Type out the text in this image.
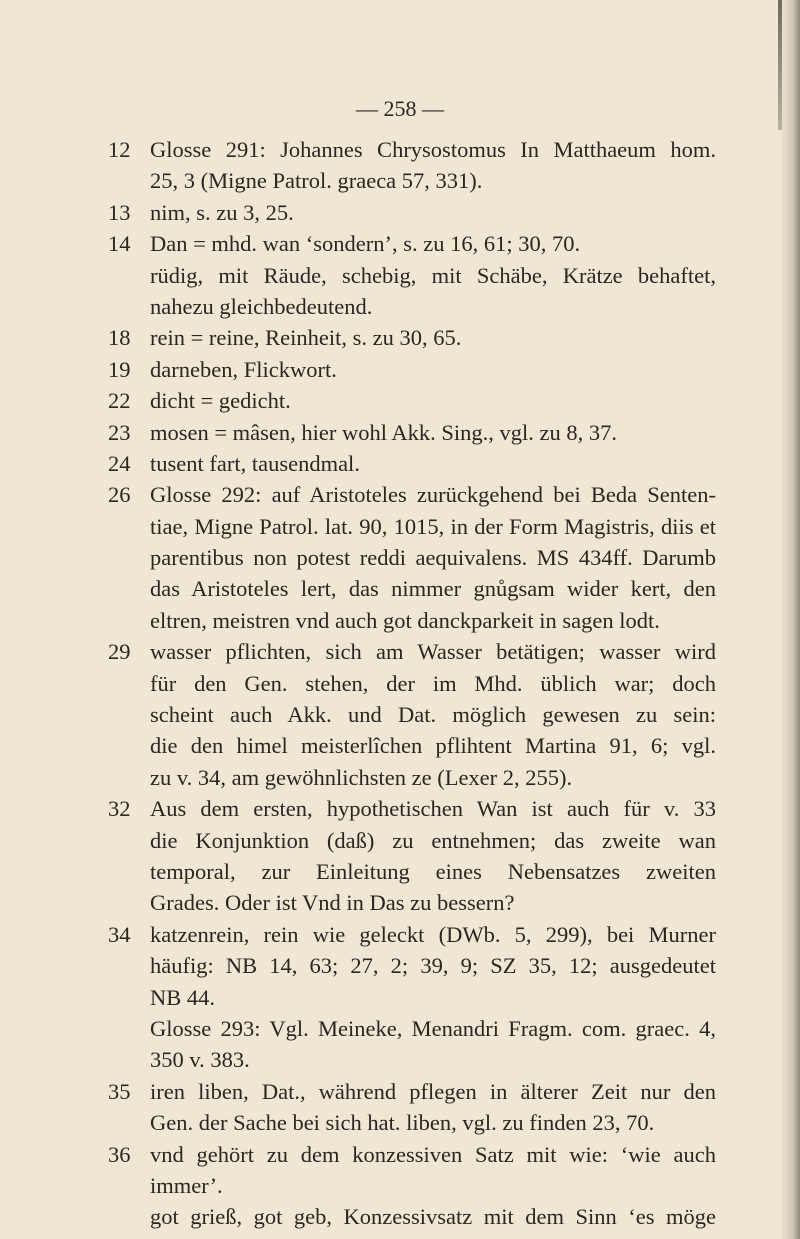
— 258 —
12 Glosse 291: Johannes Chrysostomus In Matthaeum hom.
25, 3 (Migne Patrol. graeca 57, 331).
13 nim, s. zu 3, 25.
14 Dan = mhd. wan ‘sondern’, s. zu 16, 61; 30, 70.
rüdig, mit Räude, schebig, mit Schäbe, Krätze behaftet,
nahezu gleichbedeutend.
18 rein = reine, Reinheit, s. zu 30, 65.
19 darneben, Flickwort.
22 dicht = gedicht.
23 mosen = mâsen, hier wohl Akk. Sing., vgl. zu 8, 37.
24 tusent fart, tausendmal.
26 Glosse 292: auf Aristoteles zurückgehend bei Beda Senten-
tiae, Migne Patrol. lat. 90, 1015, in der Form Magistris, diis et
parentibus non potest reddi aequivalens. MS 434ff. Darumb
das Aristoteles lert, das nimmer gnůgsam wider kert, den
eltren, meistren vnd auch got danckparkeit in sagen lodt.
29 wasser pflichten, sich am Wasser betätigen; wasser wird
für den Gen. stehen, der im Mhd. üblich war; doch
scheint auch Akk. und Dat. möglich gewesen zu sein:
die den himel meisterlîchen pflihtent Martina 91, 6; vgl.
zu v. 34, am gewöhnlichsten ze (Lexer 2, 255).
32 Aus dem ersten, hypothetischen Wan ist auch für v. 33
die Konjunktion (daß) zu entnehmen; das zweite wan
temporal, zur Einleitung eines Nebensatzes zweiten
Grades. Oder ist Vnd in Das zu bessern?
34 katzenrein, rein wie geleckt (DWb. 5, 299), bei Murner
häufig: NB 14, 63; 27, 2; 39, 9; SZ 35, 12; ausgedeutet
NB 44.
Glosse 293: Vgl. Meineke, Menandri Fragm. com. graec. 4,
350 v. 383.
35 iren liben, Dat., während pflegen in älterer Zeit nur den
Gen. der Sache bei sich hat. liben, vgl. zu finden 23, 70.
36 vnd gehört zu dem konzessiven Satz mit wie: ‘wie auch
immer’.
got grieß, got geb, Konzessivsatz mit dem Sinn ‘es möge
